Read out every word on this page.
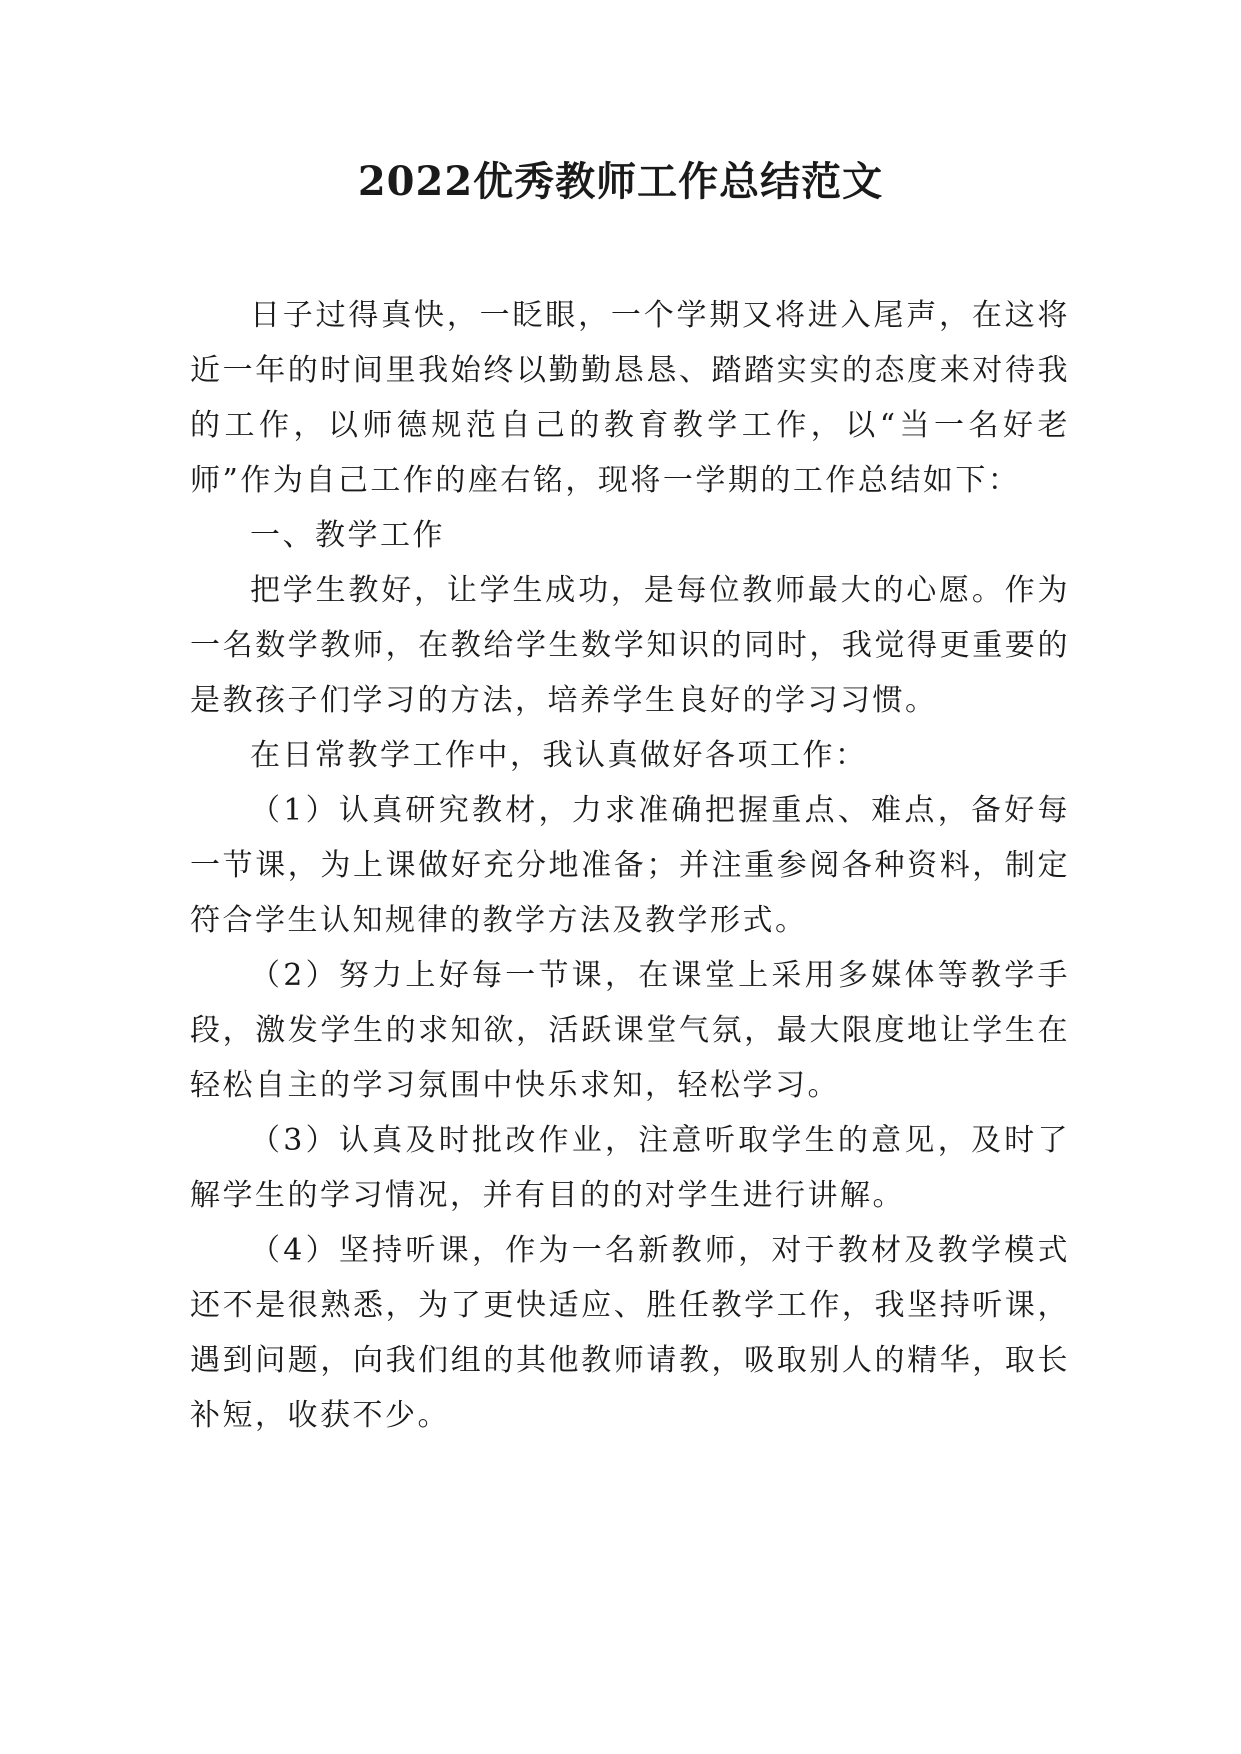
2022优秀教师工作总结范文

日子过得真快，一眨眼，一个学期又将进入尾声，在这将近一年的时间里我始终以勤勤恳恳、踏踏实实的态度来对待我的工作，以师德规范自己的教育教学工作，以“当一名好老师”作为自己工作的座右铭，现将一学期的工作总结如下：

一、教学工作

把学生教好，让学生成功，是每位教师最大的心愿。作为一名数学教师，在教给学生数学知识的同时，我觉得更重要的是教孩子们学习的方法，培养学生良好的学习习惯。

在日常教学工作中，我认真做好各项工作：

（1）认真研究教材，力求准确把握重点、难点，备好每一节课，为上课做好充分地准备；并注重参阅各种资料，制定符合学生认知规律的教学方法及教学形式。

（2）努力上好每一节课，在课堂上采用多媒体等教学手段，激发学生的求知欲，活跃课堂气氛，最大限度地让学生在轻松自主的学习氛围中快乐求知，轻松学习。

（3）认真及时批改作业，注意听取学生的意见，及时了解学生的学习情况，并有目的的对学生进行讲解。

（4）坚持听课，作为一名新教师，对于教材及教学模式还不是很熟悉，为了更快适应、胜任教学工作，我坚持听课，遇到问题，向我们组的其他教师请教，吸取别人的精华，取长补短，收获不少。
